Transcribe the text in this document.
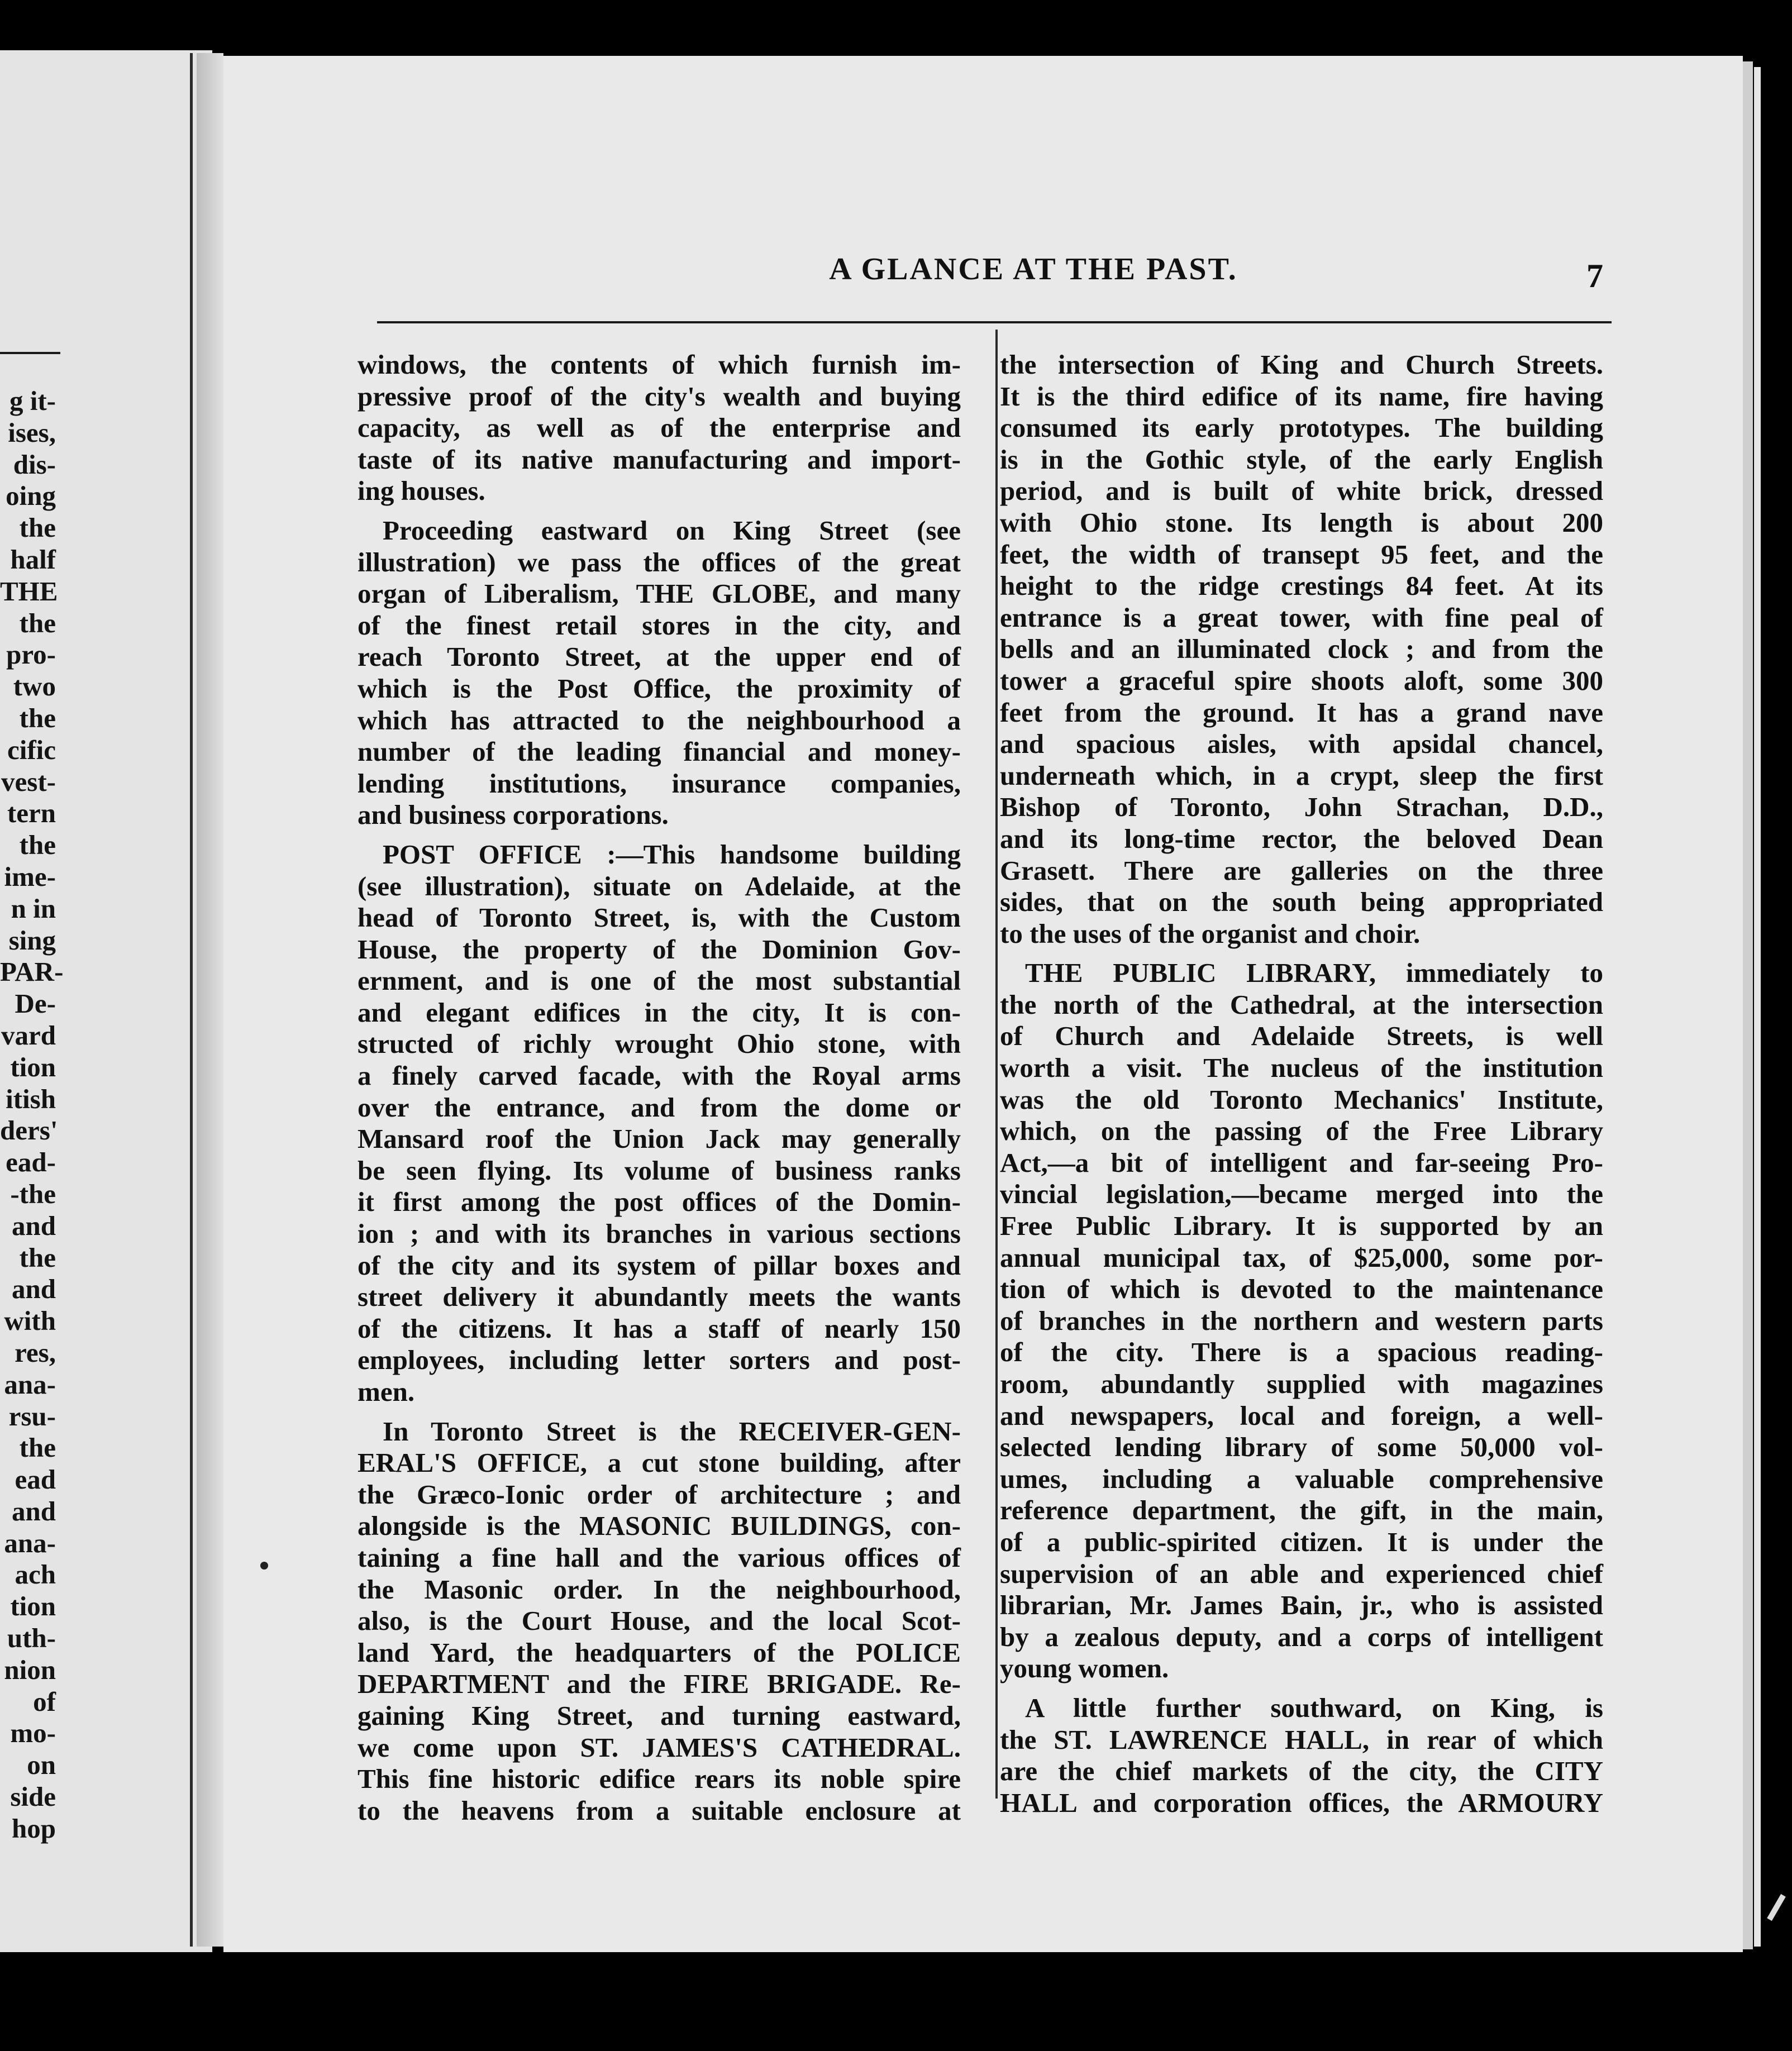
g it-
ises,
dis-
oing
the
half
THE
the
pro-
two
the
cific
vest-
tern
the
ime-
n in
sing
PAR-
De-
vard
tion
itish
ders'
ead-
-the
and
the
and
with
res,
ana-
rsu-
the
ead
and
ana-
ach
tion
uth-
nion
of
mo-
on
side
hop
A GLANCE AT THE PAST.	7
windows, the contents of which furnish im-
pressive proof of the city's wealth and buying
capacity, as well as of the enterprise and
taste of its native manufacturing and import-
ing houses.
Proceeding eastward on King Street (see
illustration) we pass the offices of the great
organ of Liberalism, THE GLOBE, and many
of the finest retail stores in the city, and
reach Toronto Street, at the upper end of
which is the Post Office, the proximity of
which has attracted to the neighbourhood a
number of the leading financial and money-
lending institutions, insurance companies,
and business corporations.
POST OFFICE :—This handsome building
(see illustration), situate on Adelaide, at the
head of Toronto Street, is, with the Custom
House, the property of the Dominion Gov-
ernment, and is one of the most substantial
and elegant edifices in the city, It is con-
structed of richly wrought Ohio stone, with
a finely carved facade, with the Royal arms
over the entrance, and from the dome or
Mansard roof the Union Jack may generally
be seen flying. Its volume of business ranks
it first among the post offices of the Domin-
ion ; and with its branches in various sections
of the city and its system of pillar boxes and
street delivery it abundantly meets the wants
of the citizens. It has a staff of nearly 150
employees, including letter sorters and post-
men.
In Toronto Street is the RECEIVER-GEN-
ERAL'S OFFICE, a cut stone building, after
the Græco-Ionic order of architecture ; and
alongside is the MASONIC BUILDINGS, con-
taining a fine hall and the various offices of
the Masonic order. In the neighbourhood,
also, is the Court House, and the local Scot-
land Yard, the headquarters of the POLICE
DEPARTMENT and the FIRE BRIGADE. Re-
gaining King Street, and turning eastward,
we come upon ST. JAMES'S CATHEDRAL.
This fine historic edifice rears its noble spire
to the heavens from a suitable enclosure at
the intersection of King and Church Streets.
It is the third edifice of its name, fire having
consumed its early prototypes. The building
is in the Gothic style, of the early English
period, and is built of white brick, dressed
with Ohio stone. Its length is about 200
feet, the width of transept 95 feet, and the
height to the ridge crestings 84 feet. At its
entrance is a great tower, with fine peal of
bells and an illuminated clock ; and from the
tower a graceful spire shoots aloft, some 300
feet from the ground. It has a grand nave
and spacious aisles, with apsidal chancel,
underneath which, in a crypt, sleep the first
Bishop of Toronto, John Strachan, D.D.,
and its long-time rector, the beloved Dean
Grasett. There are galleries on the three
sides, that on the south being appropriated
to the uses of the organist and choir.
THE PUBLIC LIBRARY, immediately to
the north of the Cathedral, at the intersection
of Church and Adelaide Streets, is well
worth a visit. The nucleus of the institution
was the old Toronto Mechanics' Institute,
which, on the passing of the Free Library
Act,—a bit of intelligent and far-seeing Pro-
vincial legislation,—became merged into the
Free Public Library. It is supported by an
annual municipal tax, of $25,000, some por-
tion of which is devoted to the maintenance
of branches in the northern and western parts
of the city. There is a spacious reading-
room, abundantly supplied with magazines
and newspapers, local and foreign, a well-
selected lending library of some 50,000 vol-
umes, including a valuable comprehensive
reference department, the gift, in the main,
of a public-spirited citizen. It is under the
supervision of an able and experienced chief
librarian, Mr. James Bain, jr., who is assisted
by a zealous deputy, and a corps of intelligent
young women.
A little further southward, on King, is
the ST. LAWRENCE HALL, in rear of which
are the chief markets of the city, the CITY
HALL and corporation offices, the ARMOURY
